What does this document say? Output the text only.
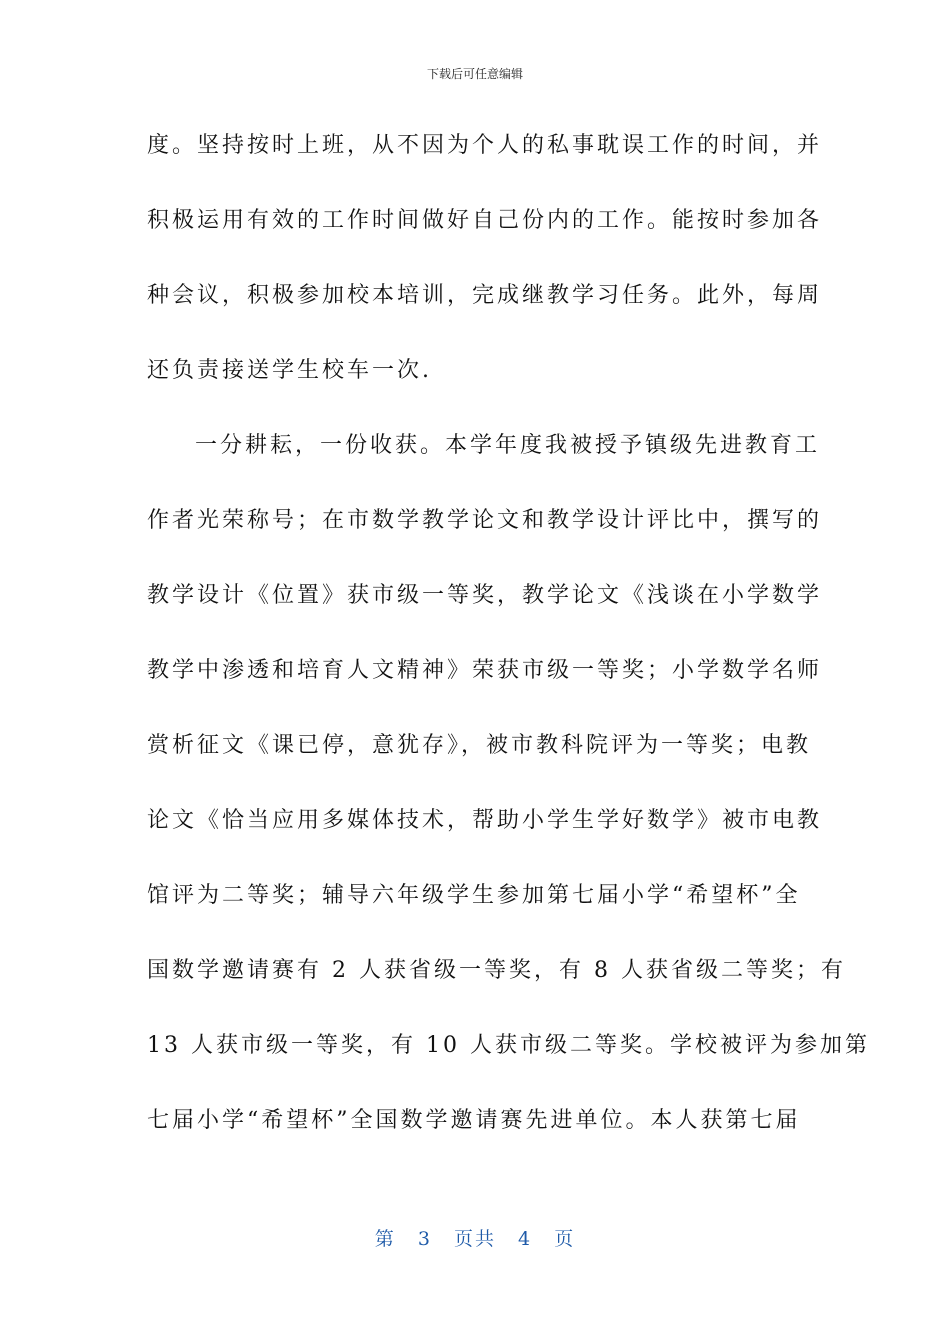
下载后可任意编辑
度。坚持按时上班，从不因为个人的私事耽误工作的时间，并
积极运用有效的工作时间做好自己份内的工作。能按时参加各
种会议，积极参加校本培训，完成继教学习任务。此外，每周
还负责接送学生校车一次.
一分耕耘，一份收获。本学年度我被授予镇级先进教育工
作者光荣称号；在市数学教学论文和教学设计评比中，撰写的
教学设计《位置》获市级一等奖，教学论文《浅谈在小学数学
教学中渗透和培育人文精神》荣获市级一等奖；小学数学名师
赏析征文《课已停，意犹存》，被市教科院评为一等奖；电教
论文《恰当应用多媒体技术，帮助小学生学好数学》被市电教
馆评为二等奖；辅导六年级学生参加第七届小学“希望杯”全
国数学邀请赛有 2 人获省级一等奖，有 8 人获省级二等奖；有
13 人获市级一等奖，有 10 人获市级二等奖。学校被评为参加第
七届小学“希望杯”全国数学邀请赛先进单位。本人获第七届
第 3 页共 4 页
